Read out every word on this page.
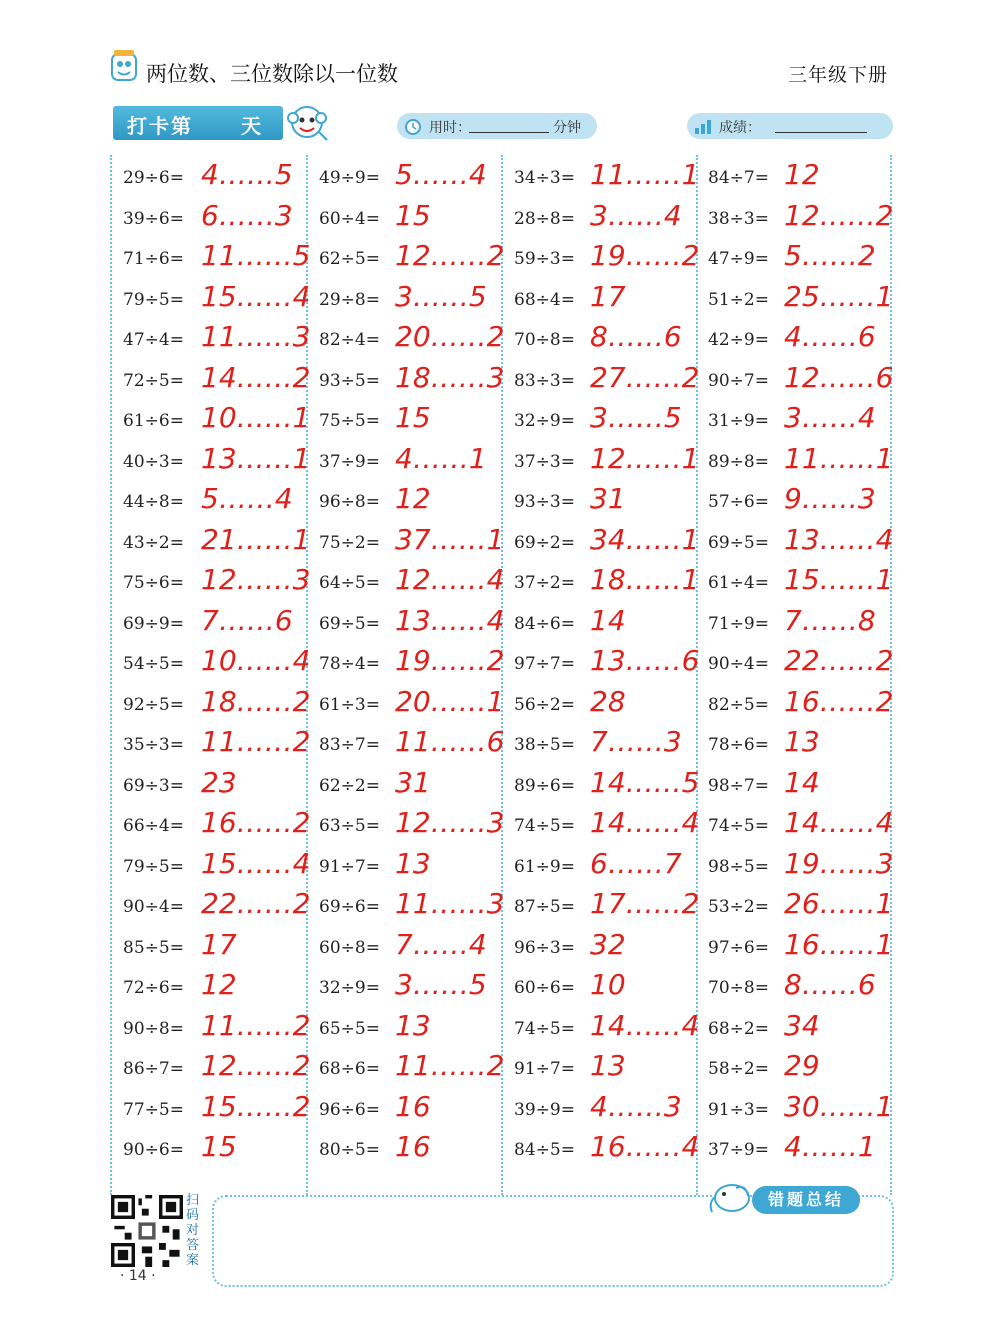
两位数、三位数除以一位数	三年级下册
打卡第 天	用时：	分钟	成绩：
29÷6= 4……5
39÷6= 6……3
71÷6= 11……5
79÷5= 15……4
47÷4= 11……3
72÷5= 14……2
61÷6= 10……1
40÷3= 13……1
44÷8= 5……4
43÷2= 21……1
75÷6= 12……3
69÷9= 7……6
54÷5= 10……4
92÷5= 18……2
35÷3= 11……2
69÷3= 23
66÷4= 16……2
79÷5= 15……4
90÷4= 22……2
85÷5= 17
72÷6= 12
90÷8= 11……2
86÷7= 12……2
77÷5= 15……2
90÷6= 15
49÷9= 5……4
60÷4= 15
62÷5= 12……2
29÷8= 3……5
82÷4= 20……2
93÷5= 18……3
75÷5= 15
37÷9= 4……1
96÷8= 12
75÷2= 37……1
64÷5= 12……4
69÷5= 13……4
78÷4= 19……2
61÷3= 20……1
83÷7= 11……6
62÷2= 31
63÷5= 12……3
91÷7= 13
69÷6= 11……3
60÷8= 7……4
32÷9= 3……5
65÷5= 13
68÷6= 11……2
96÷6= 16
80÷5= 16
34÷3= 11……1
28÷8= 3……4
59÷3= 19……2
68÷4= 17
70÷8= 8……6
83÷3= 27……2
32÷9= 3……5
37÷3= 12……1
93÷3= 31
69÷2= 34……1
37÷2= 18……1
84÷6= 14
97÷7= 13……6
56÷2= 28
38÷5= 7……3
89÷6= 14……5
74÷5= 14……4
61÷9= 6……7
87÷5= 17……2
96÷3= 32
60÷6= 10
74÷5= 14……4
91÷7= 13
39÷9= 4……3
84÷5= 16……4
84÷7= 12
38÷3= 12……2
47÷9= 5……2
51÷2= 25……1
42÷9= 4……6
90÷7= 12……6
31÷9= 3……4
89÷8= 11……1
57÷6= 9……3
69÷5= 13……4
61÷4= 15……1
71÷9= 7……8
90÷4= 22……2
82÷5= 16……2
78÷6= 13
98÷7= 14
74÷5= 14……4
98÷5= 19……3
53÷2= 26……1
97÷6= 16……1
70÷8= 8……6
68÷2= 34
58÷2= 29
91÷3= 30……1
37÷9= 4……1
错题总结
扫码对答案
· 14 ·
